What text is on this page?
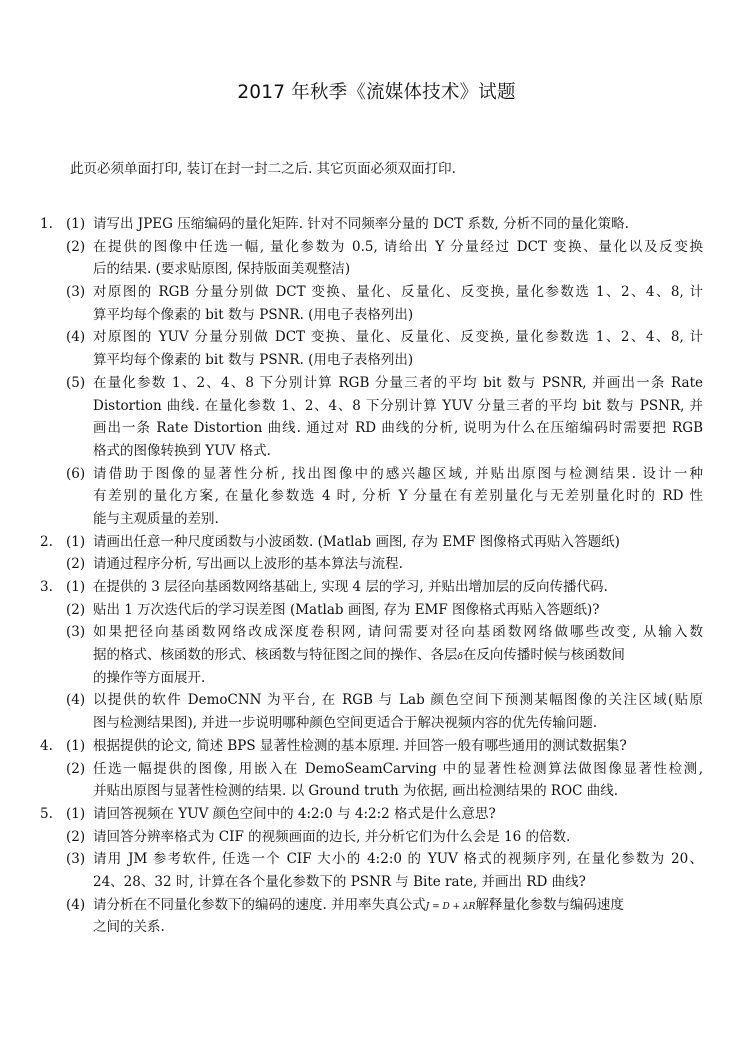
2017 年秋季《流媒体技术》试题
此页必须单面打印, 装订在封一封二之后. 其它页面必须双面打印.
1. (1) 请写出 JPEG 压缩编码的量化矩阵. 针对不同频率分量的 DCT 系数, 分析不同的量化策略.
(2) 在提供的图像中任选一幅, 量化参数为 0.5, 请给出 Y 分量经过 DCT 变换、量化以及反变换
后的结果. (要求贴原图, 保持版面美观整洁)
(3) 对原图的 RGB 分量分别做 DCT 变换、量化、反量化、反变换, 量化参数选 1、2、4、8, 计
算平均每个像素的 bit 数与 PSNR. (用电子表格列出)
(4) 对原图的 YUV 分量分别做 DCT 变换、量化、反量化、反变换, 量化参数选 1、2、4、8, 计
算平均每个像素的 bit 数与 PSNR. (用电子表格列出)
(5) 在量化参数 1、2、4、8 下分别计算 RGB 分量三者的平均 bit 数与 PSNR, 并画出一条 Rate
Distortion 曲线. 在量化参数 1、2、4、8 下分别计算 YUV 分量三者的平均 bit 数与 PSNR, 并
画出一条 Rate Distortion 曲线. 通过对 RD 曲线的分析, 说明为什么在压缩编码时需要把 RGB
格式的图像转换到 YUV 格式.
(6) 请借助于图像的显著性分析, 找出图像中的感兴趣区域, 并贴出原图与检测结果. 设计一种
有差别的量化方案, 在量化参数选 4 时, 分析 Y 分量在有差别量化与无差别量化时的 RD 性
能与主观质量的差别.
2. (1) 请画出任意一种尺度函数与小波函数. (Matlab 画图, 存为 EMF 图像格式再贴入答题纸)
(2) 请通过程序分析, 写出画以上波形的基本算法与流程.
3. (1) 在提供的 3 层径向基函数网络基础上, 实现 4 层的学习, 并贴出增加层的反向传播代码.
(2) 贴出 1 万次迭代后的学习误差图 (Matlab 画图, 存为 EMF 图像格式再贴入答题纸)?
(3) 如果把径向基函数网络改成深度卷积网, 请问需要对径向基函数网络做哪些改变, 从输入数
据的格式、核函数的形式、核函数与特征图之间的操作、各层δ在反向传播时候与核函数间
的操作等方面展开.
(4) 以提供的软件 DemoCNN 为平台, 在 RGB 与 Lab 颜色空间下预测某幅图像的关注区域(贴原
图与检测结果图), 并进一步说明哪种颜色空间更适合于解决视频内容的优先传输问题.
4. (1) 根据提供的论文, 简述 BPS 显著性检测的基本原理. 并回答一般有哪些通用的测试数据集?
(2) 任选一幅提供的图像, 用嵌入在 DemoSeamCarving 中的显著性检测算法做图像显著性检测,
并贴出原图与显著性检测的结果. 以 Ground truth 为依据, 画出检测结果的 ROC 曲线.
5. (1) 请回答视频在 YUV 颜色空间中的 4:2:0 与 4:2:2 格式是什么意思?
(2) 请回答分辨率格式为 CIF 的视频画面的边长, 并分析它们为什么会是 16 的倍数.
(3) 请用 JM 参考软件, 任选一个 CIF 大小的 4:2:0 的 YUV 格式的视频序列, 在量化参数为 20、
24、28、32 时, 计算在各个量化参数下的 PSNR 与 Bite rate, 并画出 RD 曲线?
(4) 请分析在不同量化参数下的编码的速度. 并用率失真公式J = D + λR解释量化参数与编码速度
之间的关系.
